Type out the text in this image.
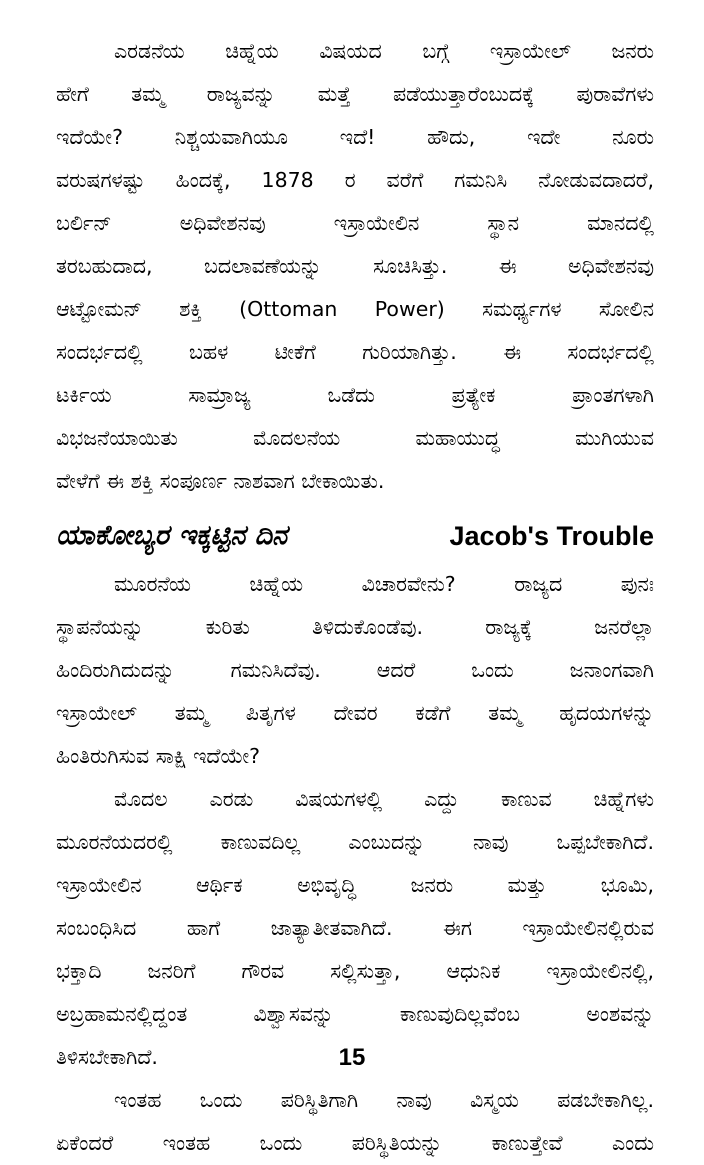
ಎರಡನೆಯ ಚಿಹ್ನೆಯ ವಿಷಯದ ಬಗ್ಗೆ ಇಸ್ರಾಯೇಲ್ ಜನರು
ಹೇಗೆ ತಮ್ಮ ರಾಜ್ಯವನ್ನು ಮತ್ತೆ ಪಡೆಯುತ್ತಾರೆಂಬುದಕ್ಕೆ ಪುರಾವೆಗಳು
ಇದೆಯೇ? ನಿಶ್ಚಯವಾಗಿಯೂ ಇದೆ! ಹೌದು, ಇದೇ ನೂರು
ವರುಷಗಳಷ್ಟು ಹಿಂದಕ್ಕೆ, 1878 ರ ವರೆಗೆ ಗಮನಿಸಿ ನೋಡುವದಾದರೆ,
ಬರ್ಲಿನ್ ಅಧಿವೇಶನವು ಇಸ್ರಾಯೇಲಿನ ಸ್ಥಾನ ಮಾನದಲ್ಲಿ
ತರಬಹುದಾದ, ಬದಲಾವಣೆಯನ್ನು ಸೂಚಿಸಿತ್ತು. ಈ ಅಧಿವೇಶನವು
ಆಟ್ಟೋಮನ್ ಶಕ್ತಿ (Ottoman Power) ಸಮರ್ಥ್ಯಗಳ ಸೋಲಿನ
ಸಂದರ್ಭದಲ್ಲಿ ಬಹಳ ಟೀಕೆಗೆ ಗುರಿಯಾಗಿತ್ತು. ಈ ಸಂದರ್ಭದಲ್ಲಿ
ಟರ್ಕಿಯ ಸಾಮ್ರಾಜ್ಯ ಒಡೆದು ಪ್ರತ್ಯೇಕ ಪ್ರಾಂತಗಳಾಗಿ
ವಿಭಜನೆಯಾಯಿತು ಮೊದಲನೆಯ ಮಹಾಯುದ್ಧ ಮುಗಿಯುವ
ವೇಳೆಗೆ ಈ ಶಕ್ತಿ ಸಂಪೂರ್ಣ ನಾಶವಾಗ ಬೇಕಾಯಿತು.

ಯಾಕೋಬ್ಯರ ಇಕ್ಕಟ್ಟಿನ ದಿನ	Jacob's Trouble

ಮೂರನೆಯ ಚಿಹ್ನೆಯ ವಿಚಾರವೇನು? ರಾಜ್ಯದ ಪುನಃ
ಸ್ಥಾಪನೆಯನ್ನು ಕುರಿತು ತಿಳಿದುಕೊಂಡೆವು. ರಾಜ್ಯಕ್ಕೆ ಜನರೆಲ್ಲಾ
ಹಿಂದಿರುಗಿದುದನ್ನು ಗಮನಿಸಿದೆವು. ಆದರೆ ಒಂದು ಜನಾಂಗವಾಗಿ
ಇಸ್ರಾಯೇಲ್ ತಮ್ಮ ಪಿತೃಗಳ ದೇವರ ಕಡೆಗೆ ತಮ್ಮ ಹೃದಯಗಳನ್ನು
ಹಿಂತಿರುಗಿಸುವ ಸಾಕ್ಷಿ ಇದೆಯೇ?

ಮೊದಲ ಎರಡು ವಿಷಯಗಳಲ್ಲಿ ಎದ್ದು ಕಾಣುವ ಚಿಹ್ನೆಗಳು
ಮೂರನೆಯದರಲ್ಲಿ ಕಾಣುವದಿಲ್ಲ ಎಂಬುದನ್ನು ನಾವು ಒಪ್ಪಬೇಕಾಗಿದೆ.
ಇಸ್ರಾಯೇಲಿನ ಆರ್ಥಿಕ ಅಭಿವೃದ್ಧಿ ಜನರು ಮತ್ತು ಭೂಮಿ,
ಸಂಬಂಧಿಸಿದ ಹಾಗೆ ಜಾತ್ಯಾತೀತವಾಗಿದೆ. ಈಗ ಇಸ್ರಾಯೇಲಿನಲ್ಲಿರುವ
ಭಕ್ತಾದಿ ಜನರಿಗೆ ಗೌರವ ಸಲ್ಲಿಸುತ್ತಾ, ಆಧುನಿಕ ಇಸ್ರಾಯೇಲಿನಲ್ಲಿ,
ಅಬ್ರಹಾಮನಲ್ಲಿದ್ದಂತ ವಿಶ್ವಾಸವನ್ನು ಕಾಣುವುದಿಲ್ಲವೆಂಬ ಅಂಶವನ್ನು
ತಿಳಿಸಬೇಕಾಗಿದೆ.

ಇಂತಹ ಒಂದು ಪರಿಸ್ಥಿತಿಗಾಗಿ ನಾವು ವಿಸ್ಮಯ ಪಡಬೇಕಾಗಿಲ್ಲ.
ಏಕೆಂದರೆ ಇಂತಹ ಒಂದು ಪರಿಸ್ಥಿತಿಯನ್ನು ಕಾಣುತ್ತೇವೆ ಎಂದು

15
